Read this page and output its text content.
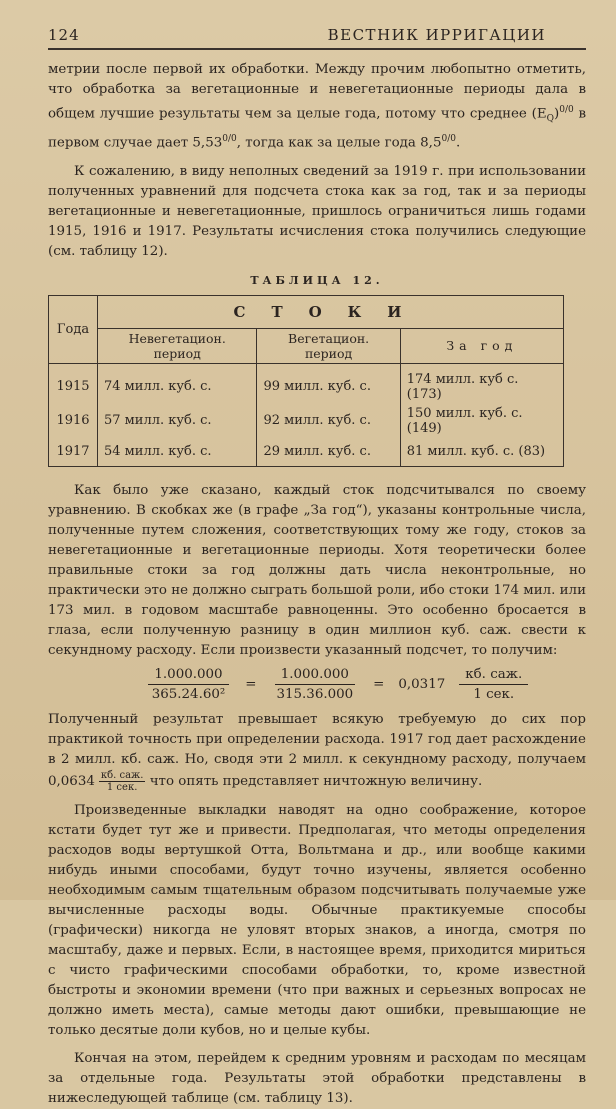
124	ВЕСТНИК ИРРИГАЦИИ

метрии после первой их обработки. Между прочим любопытно отметить, что обработка за вегетационные и невегетационные периоды дала в общем лучшие результаты чем за целые года, потому что среднее $(E_Q)^{0/0}$ в первом случае дает $5,53^{0/0}$, тогда как за целые года $8,5^{0/0}$.

К сожалению, в виду неполных сведений за 1919 г. при использовании полученных уравнений для подсчета стока как за год, так и за периоды вегетационные и невегетационные, пришлось ограничиться лишь годами 1915, 1916 и 1917. Результаты исчисления стока получились следующие (см. таблицу 12).

ТАБЛИЦА 12.
Года	СТОКИ		
	Невегетацион. период	Вегетацион. период	За год
1915	74 милл. куб. с.	99 милл. куб. с.	174 милл. куб с. (173)
1916	57 милл. куб. с.	92 милл. куб. с.	150 милл. куб. с. (149)
1917	54 милл. куб. с.	29 милл. куб. с.	81 милл. куб. с. (83)

Как было уже сказано, каждый сток подсчитывался по своему уравнению. В скобках же (в графе „За год“), указаны контрольные числа, полученные путем сложения, соответствующих тому же году, стоков за невегетационные и вегетационные периоды. Хотя теоретически более правильные стоки за год должны дать числа неконтрольные, но практически это не должно сыграть большой роли, ибо стоки 174 мил. или 173 мил. в годовом масштабе равноценны. Это особенно бросается в глаза, если полученную разницу в один миллион куб. саж. свести к секундному расходу. Если произвести указанный подсчет, то получим:

$\frac{1.000.000}{\text{365.24.60²}} = \frac{1.000.000}{315.36.000} = 0,0317 \frac{\text{кб. саж.}}{\text{1 сек.}}$

Полученный результат превышает всякую требуемую до сих пор практикой точность при определении расхода. 1917 год дает расхождение в 2 милл. кб. саж. Но, сводя эти 2 милл. к секундному расходу, получаем 0,0634 кб. саж.
1 сек. что опять представляет ничтожную величину.

Произведенные выкладки наводят на одно соображение, которое кстати будет тут же и привести. Предполагая, что методы определения расходов воды вертушкой Отта, Вольтмана и др., или вообще какими нибудь иными способами, будут точно изучены, является особенно необходимым самым тщательным образом подсчитывать получаемые уже вычисленные расходы воды. Обычные практикуемые способы (графически) никогда не уловят вторых знаков, а иногда, смотря по масштабу, даже и первых. Если, в настоящее время, приходится мириться с чисто графическими способами обработки, то, кроме известной быстроты и экономии времени (что при важных и серьезных вопросах не должно иметь места), самые методы дают ошибки, превышающие не только десятые доли кубов, но и целые кубы.

Кончая на этом, перейдем к средним уровням и расходам по месяцам за отдельные года. Результаты этой обработки представлены в нижеследующей таблице (см. таблицу 13).
